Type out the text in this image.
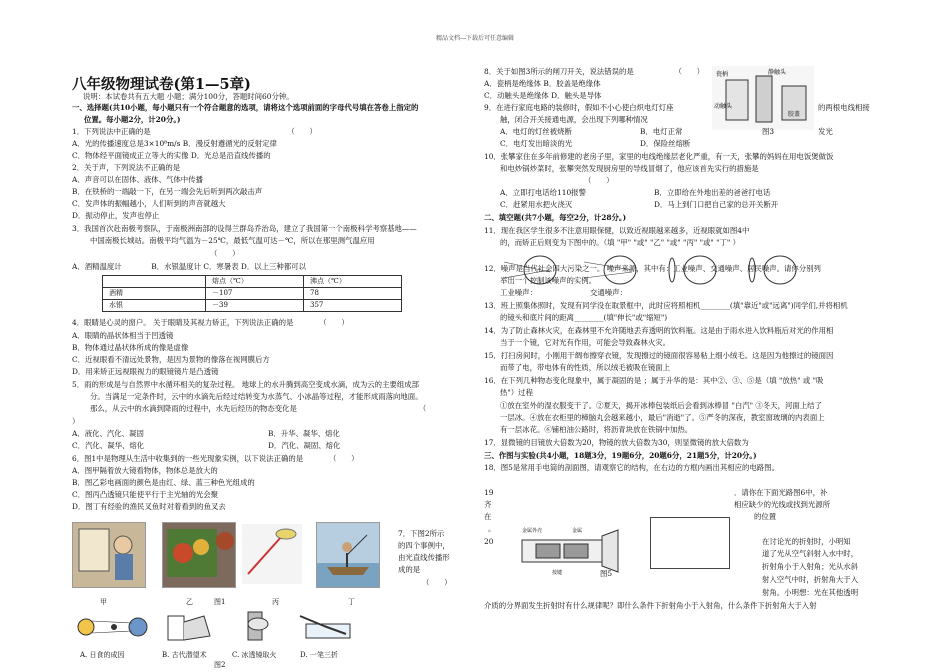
精品文档---下载后可任意编辑
八年级物理试卷(第1—5章)
说明：本试卷共有五大题 小题；满分100分，答题时间60分钟。
一、选择题(共10小题，每小题只有一个符合题意的选项，请将这个选项前面的字母代号填在答卷上指定的
位置。每小题2分，计20分。)
1．下列说法中正确的是　　　　　　　　　　　　　　　　　　　（　　）
A．光的传播速度总是3×10⁸m/s B．漫反射遵循光的反射定律
C．物体经平面镜成正立等大的实像 D．光总是沿直线传播的
2．关于声，下列说法不正确的是
A．声音可以在固体、液体、气体中传播
B．在铁桥的一端敲一下，在另一端会先后听到两次敲击声
C．发声体的振幅越小，人们听到的声音就越大
D．振动停止，发声也停止
3．我国首次赴南极考察队，于南极洲南部的设得兰群岛乔治岛，建立了我国第一个南极科学考察基地——
中国南极长城站。南极平均气温为－25℃，最低气温可达－℃，所以在那里测气温应用
（　　）
A．酒精温度计　　　　B．水银温度计 C．寒暑表 D．以上三种都可以
	熔点（℃）	沸点（℃）
酒精	－107	78
水银	－39	357
4．眼睛是心灵的窗户。 关于眼睛及其视力矫正，下列说法正确的是　　　　（　　）
A．眼睛的晶状体相当于凹透镜
B．物体通过晶状体所成的像是虚像
C．近视眼看不清远处景物，是因为景物的像落在视网膜后方
D．用来矫正远视眼视力的眼镜镜片是凸透镜
5．雨的形成是与自然界中水循环相关的复杂过程。 地球上的水升腾到高空变成水滴，成为云的主要组成部
分。当满足一定条件时，云中的水滴先后经过结转变为水蒸气、小冰晶等过程，才能形成雨落向地面。
那么，从云中的水滴到降雨的过程中，水先后经历的物态变化是　　　　　　　　　　　　　　　　　（
）
A．液化、汽化、凝固	B．升华、凝华、熔化
C．汽化、凝华、熔化	D．汽化、凝固、熔化
6．图1中是物理从生活中收集到的一些光现象实例，以下说法正确的是　　　　（　　）
A．图甲隔着放大镜看物体，物体总是放大的
B．图乙彩电画面的颜色是由红、绿、蓝三种色光组成的
C．图丙凸透镜只能使平行于主光轴的光会聚
D．图丁有经验的渔民叉鱼时对着看到的鱼叉去
甲	乙	图1	丙	丁
7．下图2所示
的四个事例中，
由光直线传播形
成的是
（　　）
A. 日食的成因	B. 古代潜望术	C. 冰透镜取火	D. 一笔三折
图2
8．关于如图3所示的闸刀开关，说法错误的是　　　　　　（　　）
A．瓷柄是绝缘体 B．胶盖是绝缘体
C．动触头是绝缘体 D．触头是导体
9．在进行家庭电路的装修时，假如不小心使白炽电灯灯座	的两根电线相接
触，闭合开关接通电源，会出现下列哪种情况
瓷柄	静触头
动触头
胶盖
图3	发光
A．电灯的灯丝被烧断	B．电灯正常
C．电灯发出暗淡的光	D．保险丝熔断
10．张攀家住在多年前修建的老房子里，家里的电线绝缘层老化严重，有一天，张攀的妈妈在用电饭煲做饭
和电炒锅炒菜时，张攀突然发现厨房里的导线冒烟了，他应该首先实行的措施是
（　　）
A．立即打电话给110报警	B．立即给在外地出差的爸爸打电话
C．赶紧用水把火浇灭	D．马上到门口把自己家的总开关断开
二、填空题(共7小题，每空2分，计28分。)
11．现在我区学生很多不注意用眼保健，以致近视眼越来越多，近视眼就如图4中
的，而矫正后则变为下图中的。（填 "甲" "或" "乙" "或" "丙" "或" "丁" ）
12．噪声是当代社会四大污染之一。 噪声来源，其中有：工业噪声、交通噪声、居民噪声。请你分别列
举出一个控制该噪声的实例。
工业噪声：	交通噪声：
13．班上照集体照时，发现有同学没在取景框中，此时应将照相机________(填"靠近"或"远离")同学们,并将相机
的镜头和底片间的距离________(填"伸长"或"缩短")
14．为了防止森林火灾，在森林里不允许随地丢弃透明的饮料瓶。这是由于雨水进入饮料瓶后对光的作用相
当于一个镜，它对光有作用，可能会导致森林火灾。
15．打扫房间时，小刚用干绸布擦穿衣镜，发现擦过的镜面很容易粘上细小绒毛。这是因为他擦过的镜面因
而带了电，带电体有的性质，所以绒毛被吸在镜面上
16．在下列几种物态变化现象中，属于凝固的是 ；属于升华的是：其中②、③、⑤是（填 "放热" 或 "吸
热"）过程
①放在室外的湿衣服变干了。②夏天，揭开冰棒包装纸后会看到冰棒冒 "白汽" ③冬天，河面上结了
一层冰。④放在衣柜里的樟脑丸会越来越小，最后"消逝"了。⑤严冬的深夜，教室窗玻璃的内表面上
有一层冰花。⑥铺柏油公路时，将沥青块放在铁锅中加热。
17．显微镜的目镜放大倍数为20，物镜的放大倍数为30，则显微镜的放大倍数为
三、作图与实验(共4小题，18题3分，19题6分，20题6分，21题5分，计20分。)
18．图5是常用手电筒的剖面图，请观察它的结构，在右边的方框内画出其相应的电路图。
19
齐
在
。
20
金属外壳	金属
按键	图5
．请你在下面光路图6中，补
相应缺少的光线或找到光源所
的位置
在讨论光的折射时，小明知
道了光从空气斜射入水中时，
折射角小于入射角；光从水斜
射入空气中时，折射角大于入
射角。小明想：光在其他透明
介质的分界面发生折射时有什么规律呢？即什么条件下折射角小于入射角，什么条件下折射角大于入射
